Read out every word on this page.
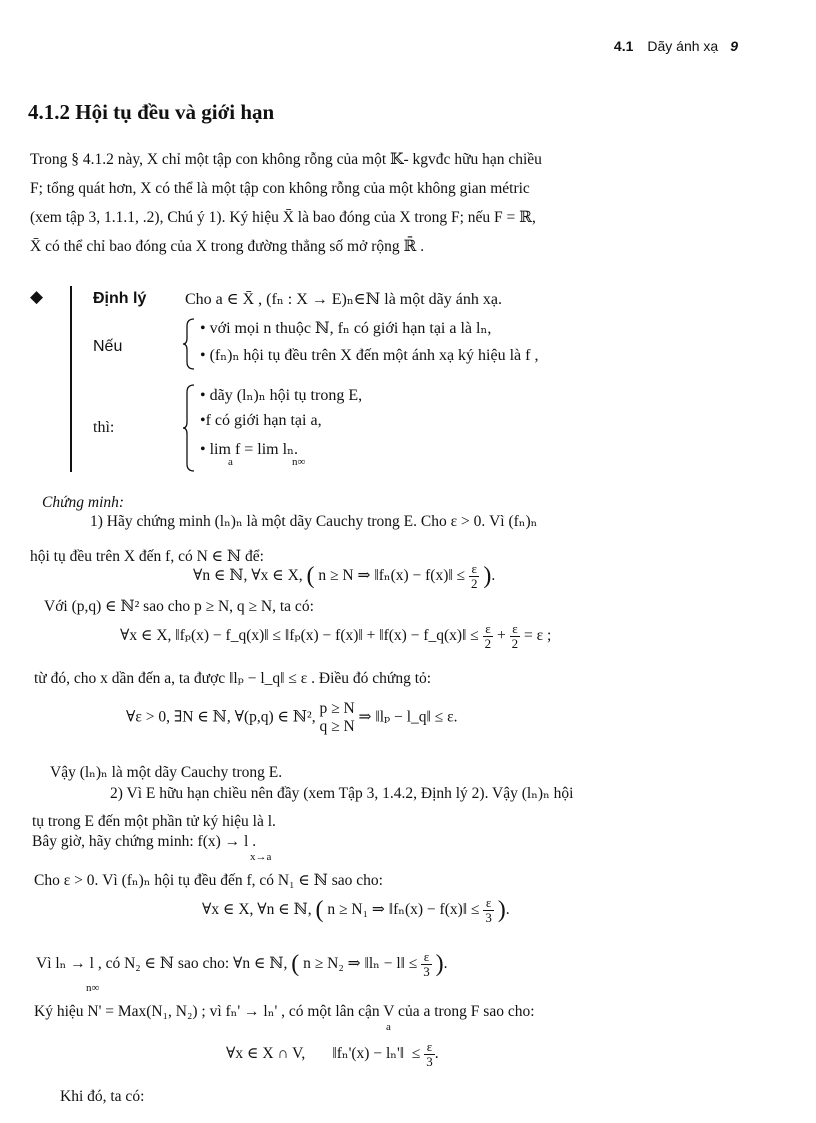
4.1 Dãy ánh xạ 9
4.1.2 Hội tụ đều và giới hạn

Trong § 4.1.2 này, X chỉ một tập con không rỗng của một 𝕂- kgvđc hữu hạn chiều

F; tổng quát hơn, X có thể là một tập con không rỗng của một không gian métric

(xem tập 3, 1.1.1, .2), Chú ý 1). Ký hiệu X̄ là bao đóng của X trong F; nếu F = ℝ,

X̄ có thể chỉ bao đóng của X trong đường thẳng số mở rộng ℝ̄ .

◆	Định lý Cho a ∈ X̄ , (fₙ : X → E)ₙ∈ℕ là một dãy ánh xạ.
Nếu
• với mọi n thuộc ℕ, fₙ có giới hạn tại a là lₙ,
• (fₙ)ₙ hội tụ đều trên X đến một ánh xạ ký hiệu là f ,
thì:
• dãy (lₙ)ₙ hội tụ trong E,
•f có giới hạn tại a,
• lim f = lim lₙ.
a	n∞
Chứng minh:
1) Hãy chứng minh (lₙ)ₙ là một dãy Cauchy trong E. Cho ε > 0. Vì (fₙ)ₙ
hội tụ đều trên X đến f, có N ∈ ℕ để:
∀n ∈ ℕ, ∀x ∈ X, ( n ≥ N ⇒ ‖fₙ(x) − f(x)‖ ≤ $\frac{\varepsilon}{2}$ ).
Với (p,q) ∈ ℕ² sao cho p ≥ N, q ≥ N, ta có:
∀x ∈ X, ‖fₚ(x) − f_q(x)‖ ≤ ‖fₚ(x) − f(x)‖ + ‖f(x) − f_q(x)‖ ≤ $\frac{\varepsilon}{2} + \frac{\varepsilon}{2} = \varepsilon$ ;
từ đó, cho x dần đến a, ta được ‖lₚ − l_q‖ ≤ ε . Điều đó chứng tỏ:
∀ε > 0, ∃N ∈ ℕ, ∀(p,q) ∈ ℕ²,
p ≥ N
q ≥ N
⇒ ‖lₚ − l_q‖ ≤ ε.
Vậy (lₙ)ₙ là một dãy Cauchy trong E.
2) Vì E hữu hạn chiều nên đầy (xem Tập 3, 1.4.2, Định lý 2). Vậy (lₙ)ₙ hội
tụ trong E đến một phần tử ký hiệu là l.
Bây giờ, hãy chứng minh: f(x) → l .
x→a
Cho ε > 0. Vì (fₙ)ₙ hội tụ đều đến f, có N₁ ∈ ℕ sao cho:
∀x ∈ X, ∀n ∈ ℕ, ( n ≥ N₁ ⇒ ‖fₙ(x) − f(x)‖ ≤ $\frac{\varepsilon}{3}$ ).
Vì lₙ → l , có N₂ ∈ ℕ sao cho: ∀n ∈ ℕ, ( n ≥ N₂ ⇒ ‖lₙ − l‖ ≤ $\frac{\varepsilon}{3}$ ).
n∞
Ký hiệu N' = Max(N₁, N₂) ; vì fₙ' → lₙ' , có một lân cận V của a trong F sao cho:
a
∀x ∈ X ∩ V,       ‖fₙ'(x) − lₙ'‖  ≤ $\frac{\varepsilon}{3}$ .
Khi đó, ta có:
